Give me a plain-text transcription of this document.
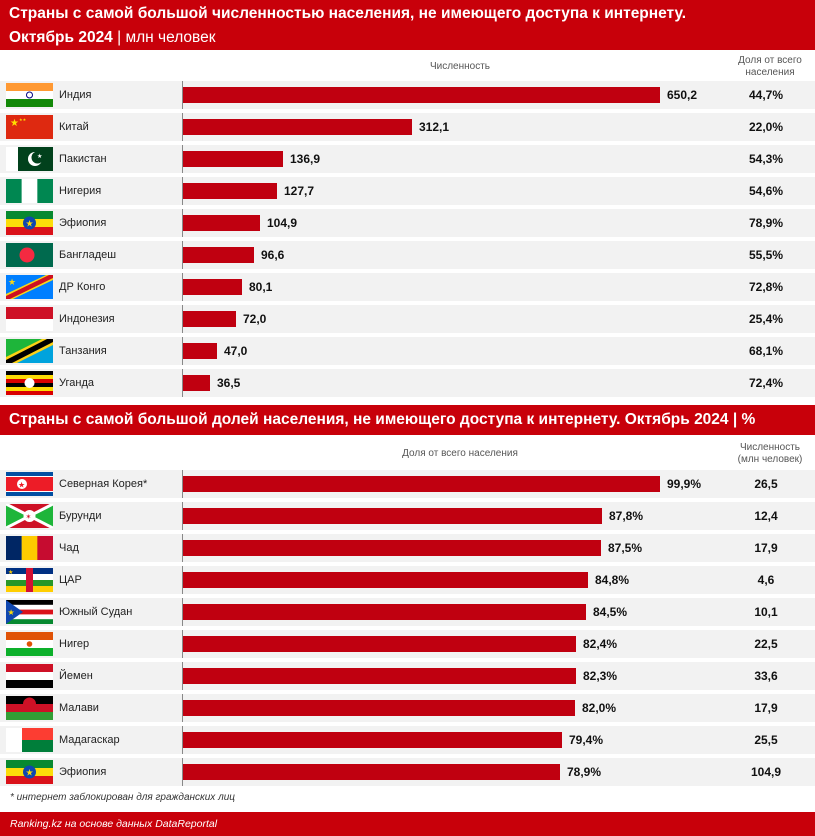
Страны с самой большой численностью населения, не имеющего доступа к интернету.
Октябрь 2024 | млн человек
Численность
Доля от всего населения
Индия	650,2	44,7%
★ ★★
Китай	312,1	22,0%
★ Пакистан	136,9	54,3%
Нигерия	127,7	54,6%
★ Эфиопия	104,9	78,9%
Бангладеш	96,6	55,5%
★	ДР Конго	80,1	72,8%
Индонезия	72,0	25,4%
Танзания	47,0	68,1%
Уганда	36,5	72,4%
Страны с самой большой долей населения, не имеющего доступа к интернету. Октябрь 2024 | %
Доля от всего населения
Численность (млн человек)
★	Северная Корея*	99,9%	26,5
✶	Бурунди	87,8%	12,4
Чад	87,5%	17,9
★
ЦАР	84,8%	4,6
★	Южный Судан	84,5%	10,1
Нигер	82,4%	22,5
Йемен	82,3%	33,6
Малави	82,0%	17,9
Мадагаскар	79,4%	25,5
★ Эфиопия	78,9%	104,9
* интернет заблокирован для гражданских лиц
Ranking.kz на основе данных DataReportal
